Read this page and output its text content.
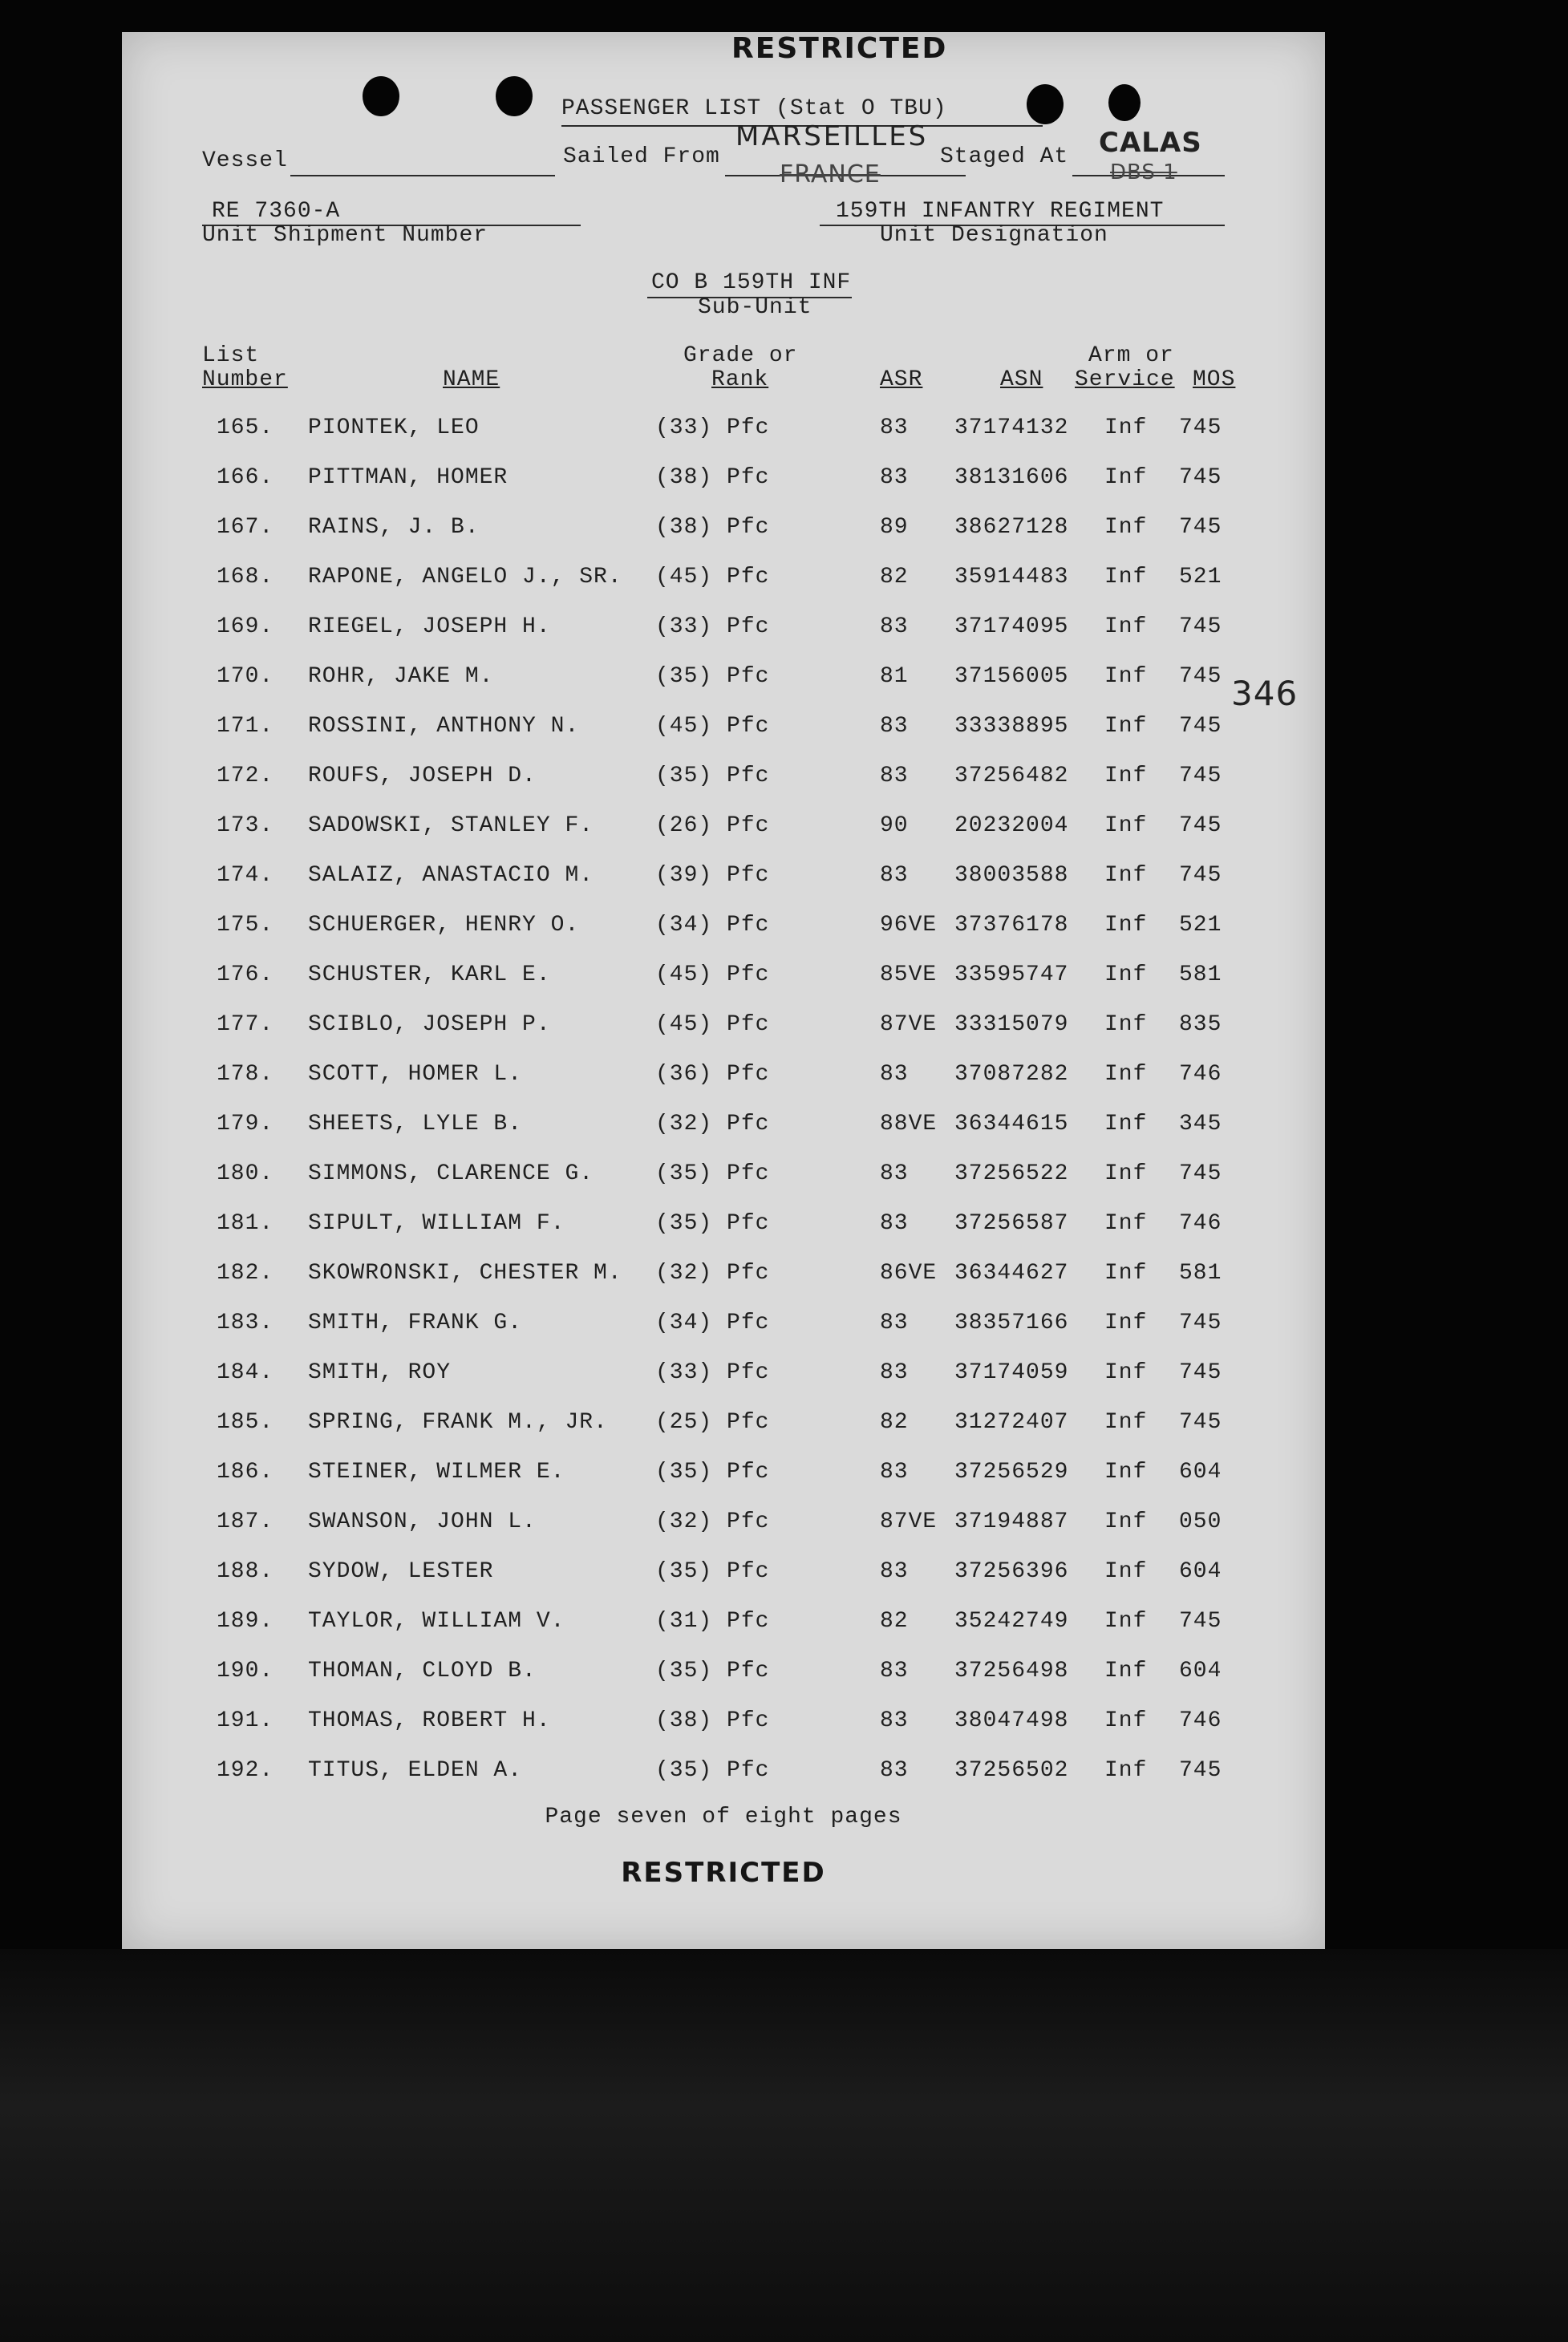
RESTRICTED
PASSENGER LIST (Stat O TBU)
Vessel	Sailed From
MARSEILLES
FRANCE
Staged At CALAS
DBS 1
RE 7360-A
Unit Shipment Number
159TH INFANTRY REGIMENT
Unit Designation
CO B 159TH INF
Sub-Unit
List
Number	NAME
Grade or
Rank	ASR	ASN
Arm or
Service MOS
346
165. PIONTEK, LEO	(33) Pfc	83 37174132 Inf 745
166. PITTMAN, HOMER	(38) Pfc	83 38131606 Inf 745
167. RAINS, J. B.	(38) Pfc	89 38627128 Inf 745
168. RAPONE, ANGELO J., SR. (45) Pfc	82 35914483 Inf 521
169. RIEGEL, JOSEPH H.	(33) Pfc	83 37174095 Inf 745
170. ROHR, JAKE M.	(35) Pfc	81 37156005 Inf 745
171. ROSSINI, ANTHONY N.	(45) Pfc	83 33338895 Inf 745
172. ROUFS, JOSEPH D.	(35) Pfc	83 37256482 Inf 745
173. SADOWSKI, STANLEY F.	(26) Pfc	90 20232004 Inf 745
174. SALAIZ, ANASTACIO M.	(39) Pfc	83 38003588 Inf 745
175. SCHUERGER, HENRY O.	(34) Pfc	96VE 37376178 Inf 521
176. SCHUSTER, KARL E.	(45) Pfc	85VE 33595747 Inf 581
177. SCIBLO, JOSEPH P.	(45) Pfc	87VE 33315079 Inf 835
178. SCOTT, HOMER L.	(36) Pfc	83 37087282 Inf 746
179. SHEETS, LYLE B.	(32) Pfc	88VE 36344615 Inf 345
180. SIMMONS, CLARENCE G.	(35) Pfc	83 37256522 Inf 745
181. SIPULT, WILLIAM F.	(35) Pfc	83 37256587 Inf 746
182. SKOWRONSKI, CHESTER M. (32) Pfc	86VE 36344627 Inf 581
183. SMITH, FRANK G.	(34) Pfc	83 38357166 Inf 745
184. SMITH, ROY	(33) Pfc	83 37174059 Inf 745
185. SPRING, FRANK M., JR. (25) Pfc	82 31272407 Inf 745
186. STEINER, WILMER E.	(35) Pfc	83 37256529 Inf 604
187. SWANSON, JOHN L.	(32) Pfc	87VE 37194887 Inf 050
188. SYDOW, LESTER	(35) Pfc	83 37256396 Inf 604
189. TAYLOR, WILLIAM V.	(31) Pfc	82 35242749 Inf 745
190. THOMAN, CLOYD B.	(35) Pfc	83 37256498 Inf 604
191. THOMAS, ROBERT H.	(38) Pfc	83 38047498 Inf 746
192. TITUS, ELDEN A.	(35) Pfc	83 37256502 Inf 745
Page seven of eight pages
RESTRICTED
